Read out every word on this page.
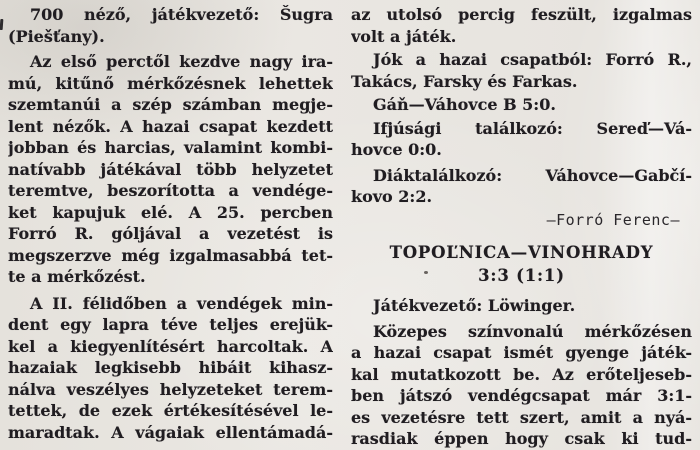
700 néző, játékvezető: Šugra
(Piešťany).
Az első perctől kezdve nagy ira-
mú, kitűnő mérkőzésnek lehettek
szemtanúi a szép számban megje-
lent nézők. A hazai csapat kezdett
jobban és harcias, valamint kombi-
natívabb játékával több helyzetet
teremtve, beszorította a vendége-
ket kapujuk elé. A 25. percben
Forró R. góljával a vezetést is
megszerzve még izgalmasabbá tet-
te a mérkőzést.
A II. félidőben a vendégek min-
dent egy lapra téve teljes erejük-
kel a kiegyenlítésért harcoltak. A
hazaiak legkisebb hibáit kihasz-
nálva veszélyes helyzeteket terem-
tettek, de ezek értékesítésével le-
maradtak. A vágaiak ellentámadá-
az utolsó percig feszült, izgalmas
volt a játék.
Jók a hazai csapatból: Forró R.,
Takács, Farsky és Farkas.
Gáň—Váhovce B 5:0.
Ifjúsági találkozó: Sereď—Vá-
hovce 0:0.
Diáktalálkozó: Váhovce—Gabčí-
kovo 2:2.
—Forró Ferenc—
TOPOĽNICA—VINOHRADY
3:3 (1:1)
Játékvezető: Löwinger.
Közepes színvonalú mérkőzésen
a hazai csapat ismét gyenge játék-
kal mutatkozott be. Az erőteljeseb-
ben játszó vendégcsapat már 3:1-
es vezetésre tett szert, amit a nyá-
rasdiak éppen hogy csak ki tud-
